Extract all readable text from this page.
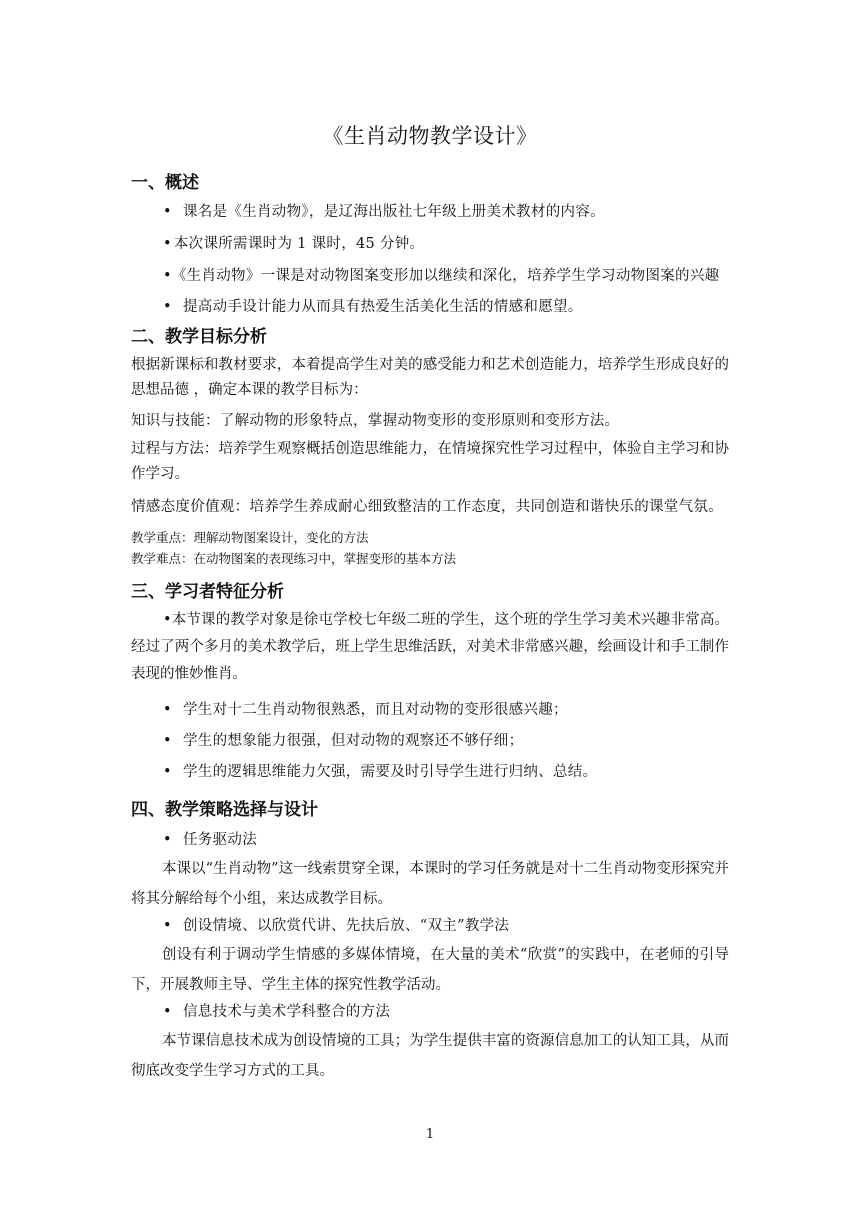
《生肖动物教学设计》
一、概述
• 课名是《生肖动物》，是辽海出版社七年级上册美术教材的内容。
• 本次课所需课时为 1 课时，45 分钟。
•《生肖动物》一课是对动物图案变形加以继续和深化，培养学生学习动物图案的兴趣
• 提高动手设计能力从而具有热爱生活美化生活的情感和愿望。
二、教学目标分析
根据新课标和教材要求，本着提高学生对美的感受能力和艺术创造能力，培养学生形成良好的思想品德 ，确定本课的教学目标为：
知识与技能：了解动物的形象特点，掌握动物变形的变形原则和变形方法。
过程与方法：培养学生观察概括创造思维能力，在情境探究性学习过程中，体验自主学习和协作学习。
情感态度价值观：培养学生养成耐心细致整洁的工作态度，共同创造和谐快乐的课堂气氛。
教学重点：理解动物图案设计，变化的方法
教学难点：在动物图案的表现练习中，掌握变形的基本方法
三、学习者特征分析
•本节课的教学对象是徐屯学校七年级二班的学生，这个班的学生学习美术兴趣非常高。经过了两个多月的美术教学后，班上学生思维活跃，对美术非常感兴趣，绘画设计和手工制作表现的惟妙惟肖。
• 学生对十二生肖动物很熟悉，而且对动物的变形很感兴趣；
• 学生的想象能力很强，但对动物的观察还不够仔细；
• 学生的逻辑思维能力欠强，需要及时引导学生进行归纳、总结。
四、教学策略选择与设计
• 任务驱动法
本课以“生肖动物”这一线索贯穿全课，本课时的学习任务就是对十二生肖动物变形探究并将其分解给每个小组，来达成教学目标。
• 创设情境、以欣赏代讲、先扶后放、“双主”教学法
创设有利于调动学生情感的多媒体情境，在大量的美术“欣赏”的实践中，在老师的引导下，开展教师主导、学生主体的探究性教学活动。
• 信息技术与美术学科整合的方法
本节课信息技术成为创设情境的工具；为学生提供丰富的资源信息加工的认知工具，从而彻底改变学生学习方式的工具。
1
